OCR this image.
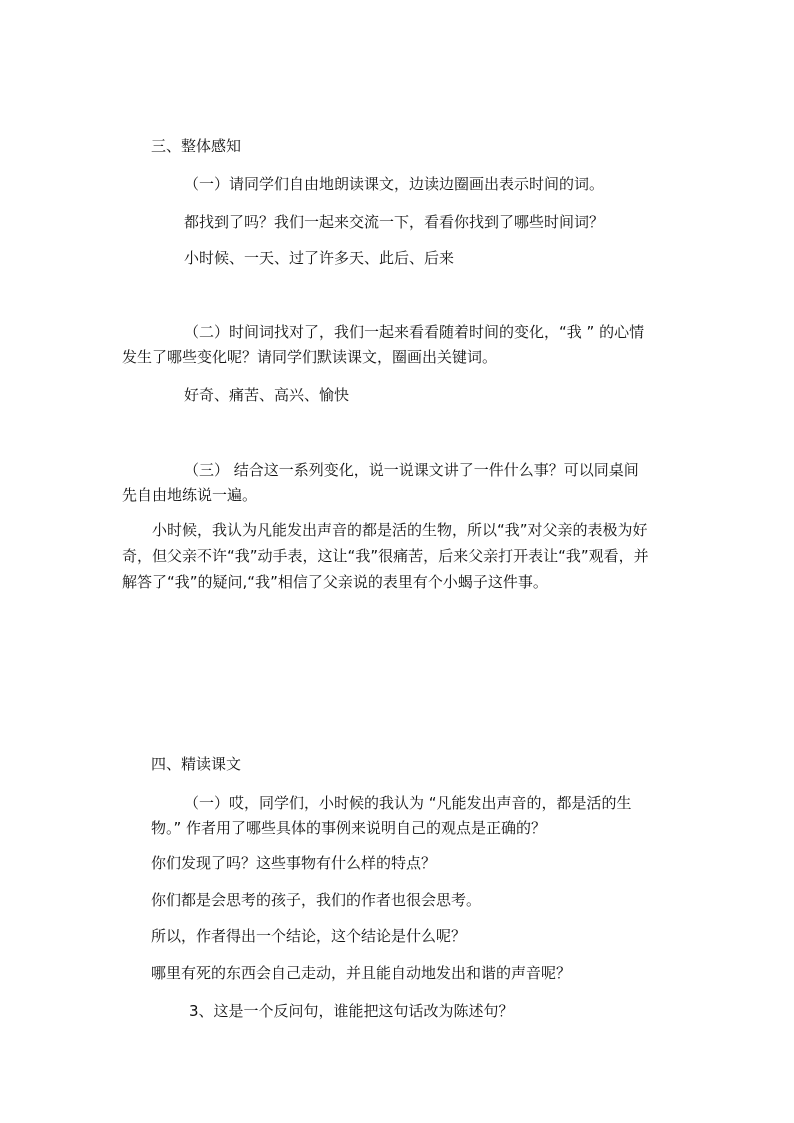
三、整体感知
（一）请同学们自由地朗读课文，边读边圈画出表示时间的词。
都找到了吗？我们一起来交流一下，看看你找到了哪些时间词？
小时候、一天、过了许多天、此后、后来
（二）时间词找对了，我们一起来看看随着时间的变化，“我 ” 的心情
发生了哪些变化呢？请同学们默读课文，圈画出关键词。
好奇、痛苦、高兴、愉快
（三） 结合这一系列变化，说一说课文讲了一件什么事？可以同桌间
先自由地练说一遍。
小时候，我认为凡能发出声音的都是活的生物，所以“我”对父亲的表极为好
奇，但父亲不许“我”动手表，这让“我”很痛苦，后来父亲打开表让“我”观看，并
解答了“我”的疑问,“我”相信了父亲说的表里有个小蝎子这件事。
四、精读课文
（一）哎，同学们，小时候的我认为 “凡能发出声音的，都是活的生
物。” 作者用了哪些具体的事例来说明自己的观点是正确的？
你们发现了吗？这些事物有什么样的特点？
你们都是会思考的孩子，我们的作者也很会思考。
所以，作者得出一个结论，这个结论是什么呢？
哪里有死的东西会自己走动，并且能自动地发出和谐的声音呢？
3、这是一个反问句，谁能把这句话改为陈述句？
